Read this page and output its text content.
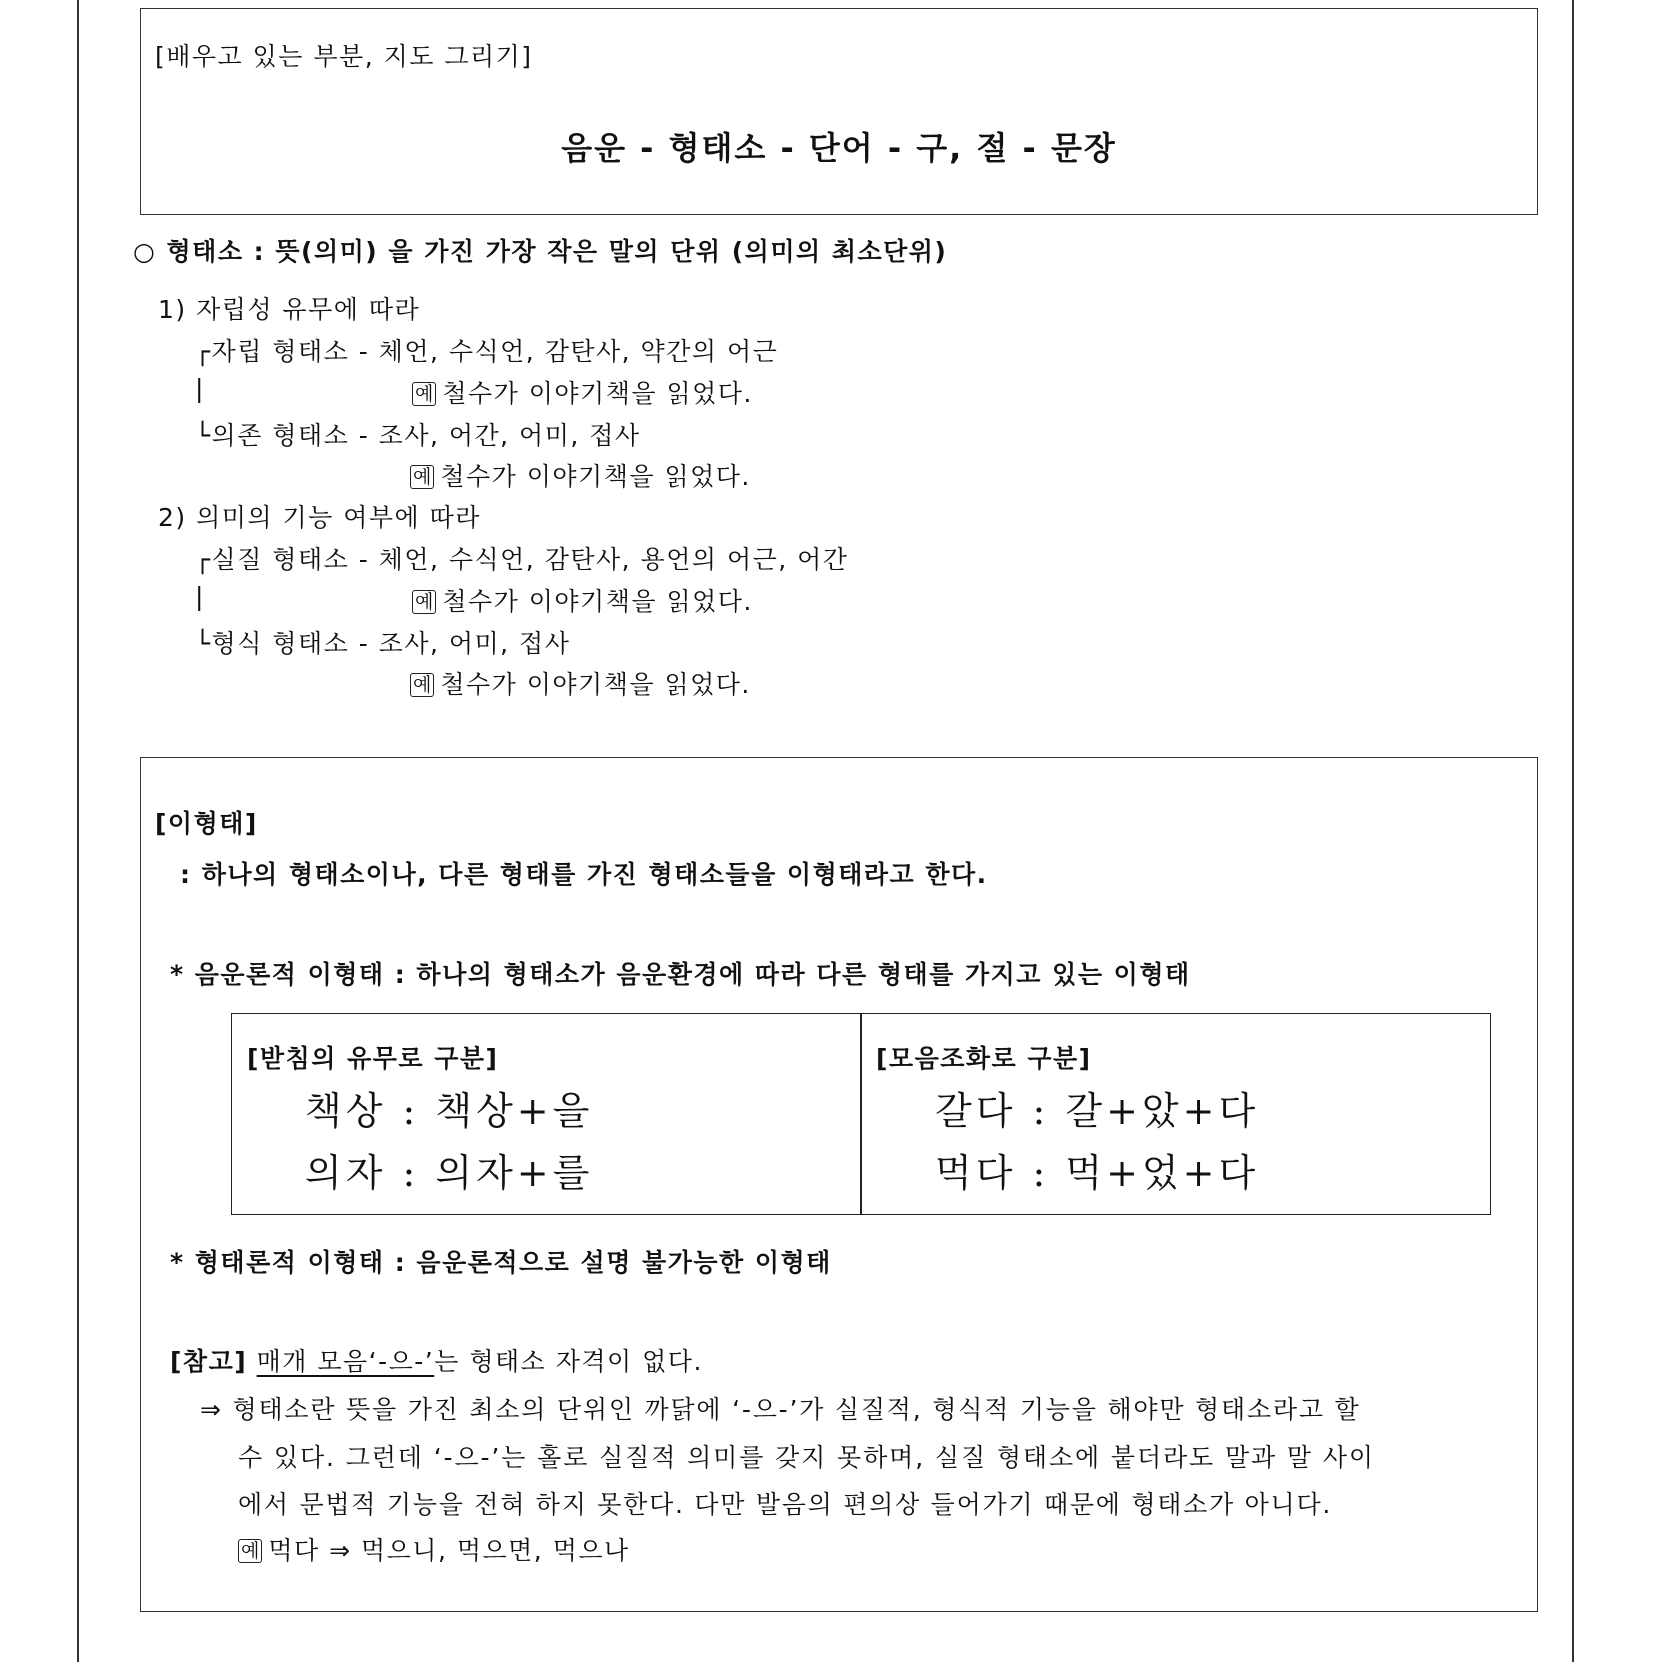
[배우고 있는 부분, 지도 그리기]
음운 - 형태소 - 단어 - 구, 절 - 문장
○ 형태소 : 뜻(의미) 을 가진 가장 작은 말의 단위 (의미의 최소단위)
1) 자립성 유무에 따라
┌자립 형태소 - 체언, 수식언, 감탄사, 약간의 어근
|	예 철수가 이야기책을 읽었다.
└의존 형태소 - 조사, 어간, 어미, 접사
예 철수가 이야기책을 읽었다.
2) 의미의 기능 여부에 따라
┌실질 형태소 - 체언, 수식언, 감탄사, 용언의 어근, 어간
|	예 철수가 이야기책을 읽었다.
└형식 형태소 - 조사, 어미, 접사
예 철수가 이야기책을 읽었다.
[이형태]
: 하나의 형태소이나, 다른 형태를 가진 형태소들을 이형태라고 한다.
* 음운론적 이형태 : 하나의 형태소가 음운환경에 따라 다른 형태를 가지고 있는 이형태
[받침의 유무로 구분]
책상 : 책상+을
의자 : 의자+를
[모음조화로 구분]
갈다 : 갈+았+다
먹다 : 먹+었+다
* 형태론적 이형태 : 음운론적으로 설명 불가능한 이형태
[참고] 매개 모음‘-으-’는 형태소 자격이 없다.
⇒ 형태소란 뜻을 가진 최소의 단위인 까닭에 ‘-으-’가 실질적, 형식적 기능을 해야만 형태소라고 할
수 있다. 그런데 ‘-으-’는 홀로 실질적 의미를 갖지 못하며, 실질 형태소에 붙더라도 말과 말 사이
에서 문법적 기능을 전혀 하지 못한다. 다만 발음의 편의상 들어가기 때문에 형태소가 아니다.
예 먹다 ⇒ 먹으니, 먹으면, 먹으나
